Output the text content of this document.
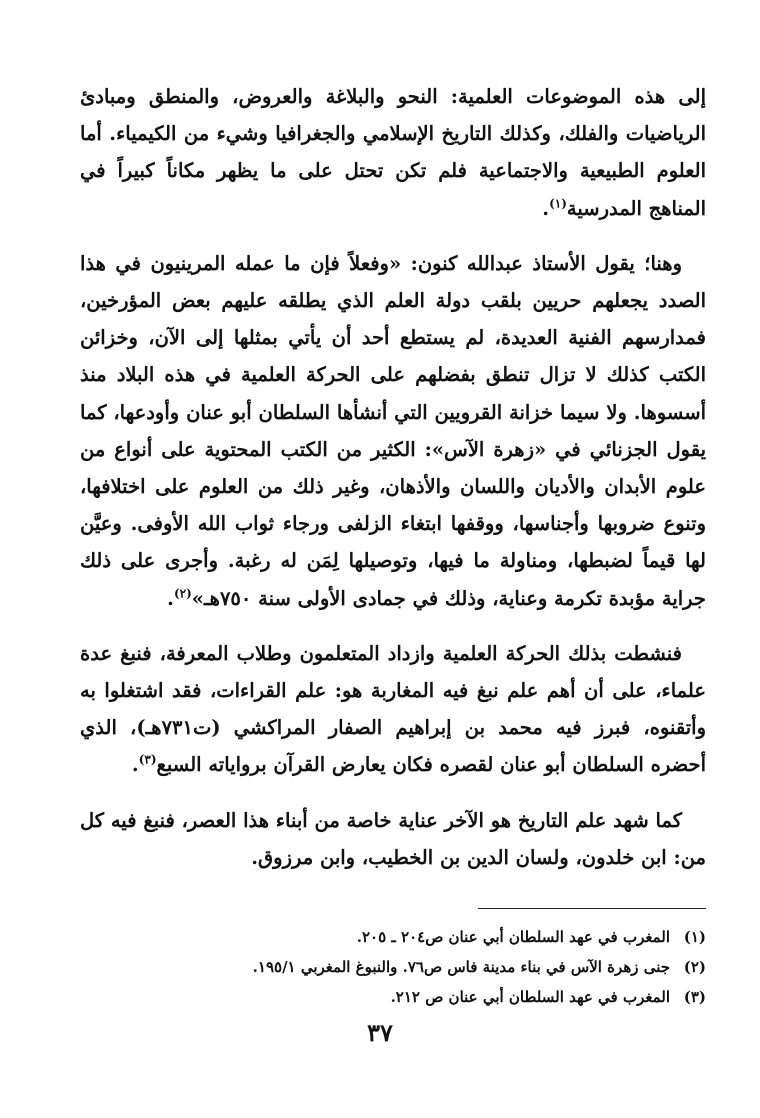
إلى هذه الموضوعات العلمية: النحو والبلاغة والعروض، والمنطق ومبادئ الرياضيات والفلك، وكذلك التاريخ الإسلامي والجغرافيا وشيء من الكيمياء. أما العلوم الطبيعية والاجتماعية فلم تكن تحتل على ما يظهر مكاناً كبيراً في المناهج المدرسية$^{(١)}$.

وهنا؛ يقول الأستاذ عبدالله كنون: «وفعلاً فإن ما عمله المرينيون في هذا الصدد يجعلهم حريين بلقب دولة العلم الذي يطلقه عليهم بعض المؤرخين، فمدارسهم الفنية العديدة، لم يستطع أحد أن يأتي بمثلها إلى الآن، وخزائن الكتب كذلك لا تزال تنطق بفضلهم على الحركة العلمية في هذه البلاد منذ أسسوها. ولا سيما خزانة القرويين التي أنشأها السلطان أبو عنان وأودعها، كما يقول الجزنائي في «زهرة الآس»: الكثير من الكتب المحتوية على أنواع من علوم الأبدان والأديان واللسان والأذهان، وغير ذلك من العلوم على اختلافها، وتنوع ضروبها وأجناسها، ووقفها ابتغاء الزلفى ورجاء ثواب الله الأوفى. وعيَّن لها قيماً لضبطها، ومناولة ما فيها، وتوصيلها لِمَن له رغبة. وأجرى على ذلك جراية مؤبدة تكرمة وعناية، وذلك في جمادى الأولى سنة ٧٥٠هـ»$^{(٢)}$.

فنشطت بذلك الحركة العلمية وازداد المتعلمون وطلاب المعرفة، فنبغ عدة علماء، على أن أهم علم نبغ فيه المغاربة هو: علم القراءات، فقد اشتغلوا به وأتقنوه، فبرز فيه محمد بن إبراهيم الصفار المراكشي (ت٧٣١هـ)، الذي أحضره السلطان أبو عنان لقصره فكان يعارض القرآن برواياته السبع$^{(٣)}$.

كما شهد علم التاريخ هو الآخر عناية خاصة من أبناء هذا العصر، فنبغ فيه كل من: ابن خلدون، ولسان الدين بن الخطيب، وابن مرزوق.

(١)المغرب في عهد السلطان أبي عنان ص٢٠٤ ـ ٢٠٥.
(٢)جنى زهرة الآس في بناء مدينة فاس ص٧٦. والنبوغ المغربي ١٩٥/١.
(٣)المغرب في عهد السلطان أبي عنان ص ٢١٢.
٣٧
